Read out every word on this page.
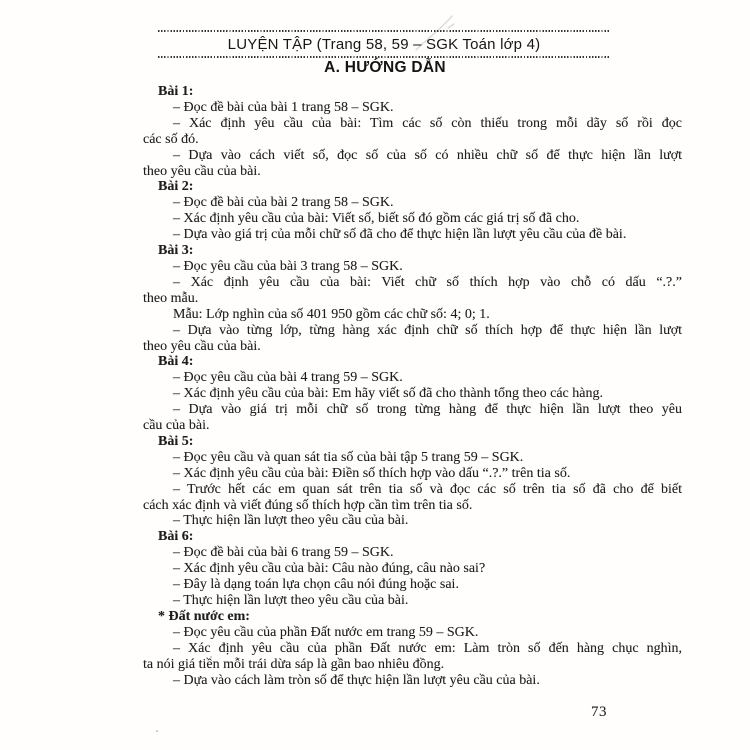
LUYỆN TẬP (Trang 58, 59 – SGK Toán lớp 4)
A. HƯỚNG DẪN
Bài 1:
– Đọc đề bài của bài 1 trang 58 – SGK.
– Xác định yêu cầu của bài: Tìm các số còn thiếu trong mỗi dãy số rồi đọc
các số đó.
– Dựa vào cách viết số, đọc số của số có nhiều chữ số để thực hiện lần lượt
theo yêu cầu của bài.
Bài 2:
– Đọc đề bài của bài 2 trang 58 – SGK.
– Xác định yêu cầu của bài: Viết số, biết số đó gồm các giá trị số đã cho.
– Dựa vào giá trị của mỗi chữ số đã cho để thực hiện lần lượt yêu cầu của đề bài.
Bài 3:
– Đọc yêu cầu của bài 3 trang 58 – SGK.
– Xác định yêu cầu của bài: Viết chữ số thích hợp vào chỗ có dấu “.?.”
theo mẫu.
Mẫu: Lớp nghìn của số 401 950 gồm các chữ số: 4; 0; 1.
– Dựa vào từng lớp, từng hàng xác định chữ số thích hợp để thực hiện lần lượt
theo yêu cầu của bài.
Bài 4:
– Đọc yêu cầu của bài 4 trang 59 – SGK.
– Xác định yêu cầu của bài: Em hãy viết số đã cho thành tổng theo các hàng.
– Dựa vào giá trị mỗi chữ số trong từng hàng để thực hiện lần lượt theo yêu
cầu của bài.
Bài 5:
– Đọc yêu cầu và quan sát tia số của bài tập 5 trang 59 – SGK.
– Xác định yêu cầu của bài: Điền số thích hợp vào dấu “.?.” trên tia số.
– Trước hết các em quan sát trên tia số và đọc các số trên tia số đã cho để biết
cách xác định và viết đúng số thích hợp cần tìm trên tia số.
– Thực hiện lần lượt theo yêu cầu của bài.
Bài 6:
– Đọc đề bài của bài 6 trang 59 – SGK.
– Xác định yêu cầu của bài: Câu nào đúng, câu nào sai?
– Đây là dạng toán lựa chọn câu nói đúng hoặc sai.
– Thực hiện lần lượt theo yêu cầu của bài.
* Đất nước em:
– Đọc yêu cầu của phần Đất nước em trang 59 – SGK.
– Xác định yêu cầu của phần Đất nước em: Làm tròn số đến hàng chục nghìn,
ta nói giá tiền mỗi trái dừa sáp là gần bao nhiêu đồng.
– Dựa vào cách làm tròn số để thực hiện lần lượt yêu cầu của bài.
73
